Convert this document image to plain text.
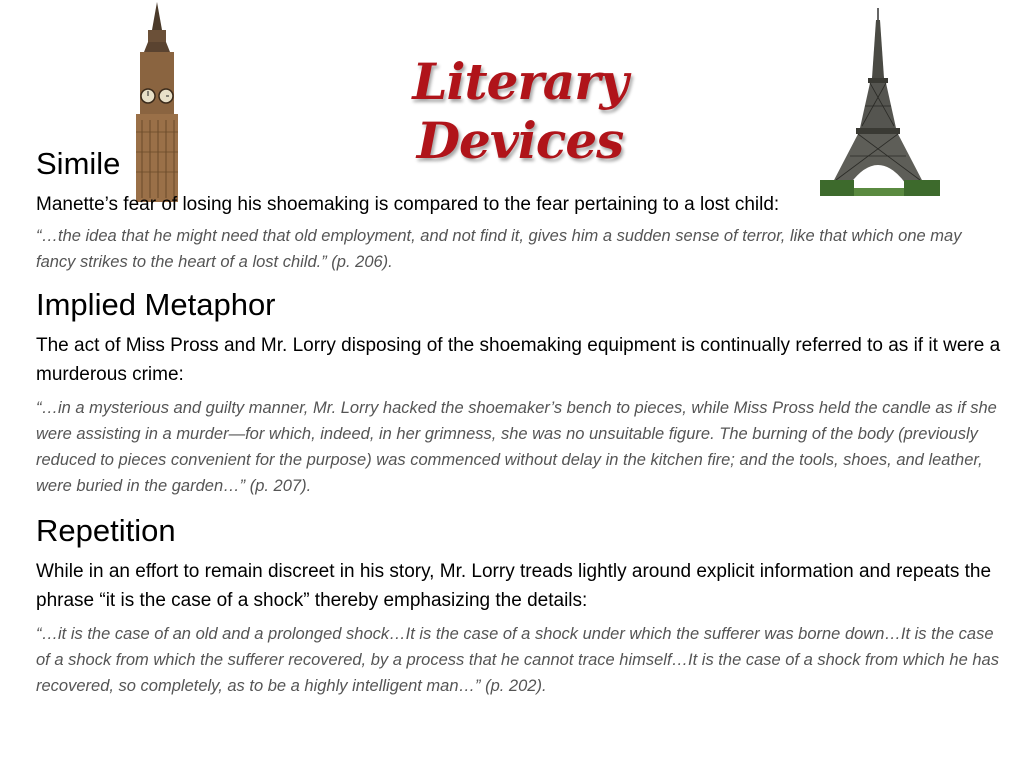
Literary Devices

Simile

Manette’s fear of losing his shoemaking is compared to the fear pertaining to a lost child:

“…the idea that he might need that old employment, and not find it, gives him a sudden sense of terror, like that which one may fancy strikes to the heart of a lost child.” (p. 206).

Implied Metaphor

The act of Miss Pross and Mr. Lorry disposing of the shoemaking equipment is continually referred to as if it were a murderous crime:

“…in a mysterious and guilty manner, Mr. Lorry hacked the shoemaker’s bench to pieces, while Miss Pross held the candle as if she were assisting in a murder—for which, indeed, in her grimness, she was no unsuitable figure. The burning of the body (previously reduced to pieces convenient for the purpose) was commenced without delay in the kitchen fire; and the tools, shoes, and leather, were buried in the garden…” (p. 207).

Repetition

While in an effort to remain discreet in his story, Mr. Lorry treads lightly around explicit information and repeats the phrase “it is the case of a shock” thereby emphasizing the details:

“…it is the case of an old and a prolonged shock…It is the case of a shock under which the sufferer was borne down…It is the case of a shock from which the sufferer recovered, by a process that he cannot trace himself…It is the case of a shock from which he has recovered, so completely, as to be a highly intelligent man…” (p. 202).
